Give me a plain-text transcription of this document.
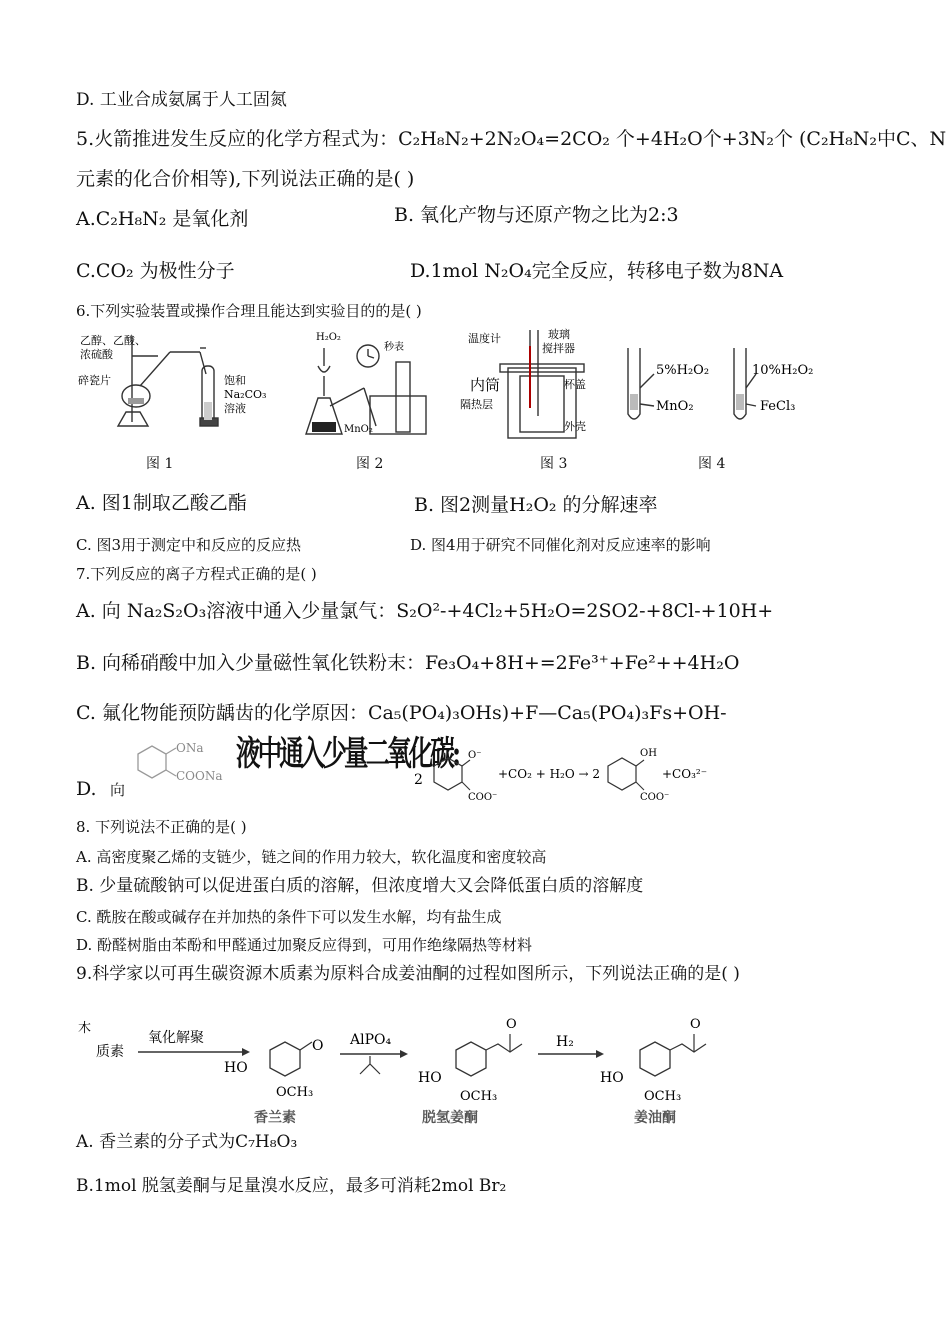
D. 工业合成氨属于人工固氮
5.火箭推进发生反应的化学方程式为：C₂H₈N₂+2N₂O₄=2CO₂ 个+4H₂O个+3N₂个 (C₂H₈N₂中C、N
元素的化合价相等),下列说法正确的是( )
A.C₂H₈N₂ 是氧化剂	B. 氧化产物与还原产物之比为2:3
C.CO₂ 为极性分子	D.1mol N₂O₄完全反应，转移电子数为8NA
6.下列实验装置或操作合理且能达到实验目的的是( )
乙醇、乙酸、
浓硫酸
碎瓷片	饱和
Na₂CO₃
溶液
H₂O₂
秒表
MnO₂
温度计	玻璃
搅拌器
内筒	杯盖
隔热层
外壳
5%H₂O₂
MnO₂
10%H₂O₂
FeCl₃
图 1	图 2	图 3	图 4
A. 图1制取乙酸乙酯	B. 图2测量H₂O₂ 的分解速率
C. 图3用于测定中和反应的反应热	D. 图4用于研究不同催化剂对反应速率的影响
7.下列反应的离子方程式正确的是( )
A. 向 Na₂S₂O₃溶液中通入少量氯气：S₂O²-+4Cl₂+5H₂O=2SO2-+8Cl-+10H+
B. 向稀硝酸中加入少量磁性氧化铁粉末：Fe₃O₄+8H+=2Fe³⁺+Fe²++4H₂O
C. 氟化物能预防龋齿的化学原因：Ca₅(PO₄)₃OHs)+F—Ca₅(PO₄)₃Fs+OH-
D. 向
ONa
COONa
液中通入少量二氧化碳:
2
O⁻
COO⁻
+CO₂ + H₂O → 2
OH
COO⁻
+CO₃²⁻
8. 下列说法不正确的是( )
A. 高密度聚乙烯的支链少，链之间的作用力较大，软化温度和密度较高
B. 少量硫酸钠可以促进蛋白质的溶解，但浓度增大又会降低蛋白质的溶解度
C. 酰胺在酸或碱存在并加热的条件下可以发生水解，均有盐生成
D. 酚醛树脂由苯酚和甲醛通过加聚反应得到，可用作绝缘隔热等材料
9.科学家以可再生碳资源木质素为原料合成姜油酮的过程如图所示，下列说法正确的是( )
木
质素
氧化解聚	O
HO
OCH₃
香兰素
AlPO₄
O
HO
OCH₃
脱氢姜酮
H₂
O
HO
OCH₃
姜油酮
A. 香兰素的分子式为C₇H₈O₃
B.1mol 脱氢姜酮与足量溴水反应，最多可消耗2mol Br₂
